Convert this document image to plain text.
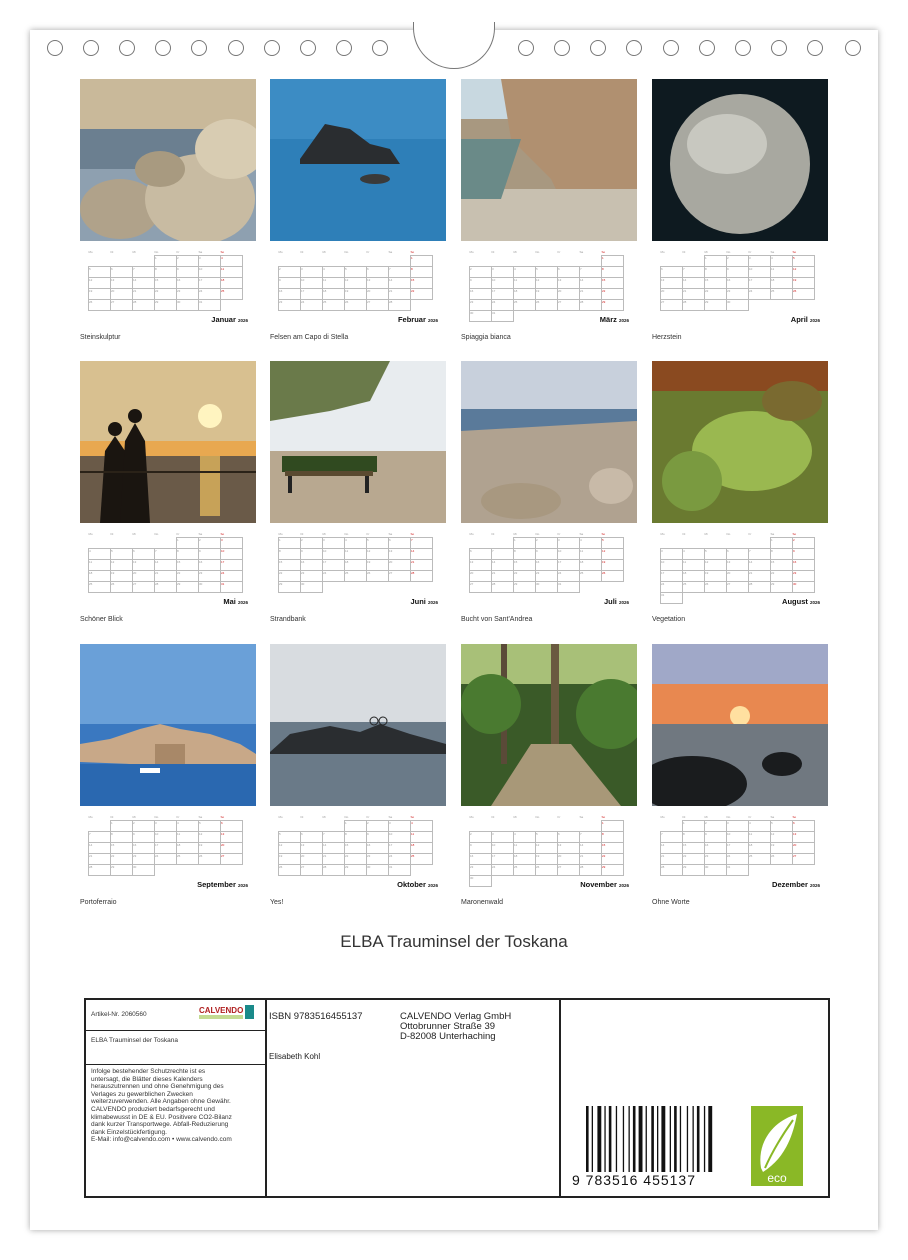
Mo	Di	Mi	Do	Fr	Sa	So
			1	2	3	4
5	6	7	8	9	10	11
12	13	14	15	16	17	18
19	20	21	22	23	24	25
26	27	28	29	30	31	
Januar 2026
Steinskulptur
Mo	Di	Mi	Do	Fr	Sa	So
						1
2	3	4	5	6	7	8
9	10	11	12	13	14	15
16	17	18	19	20	21	22
23	24	25	26	27	28	
Februar 2026
Felsen am Capo di Stella
Mo	Di	Mi	Do	Fr	Sa	So
						1
2	3	4	5	6	7	8
9	10	11	12	13	14	15
16	17	18	19	20	21	22
23	24	25	26	27	28	29
30	31					
März 2026
Spiaggia bianca
Mo	Di	Mi	Do	Fr	Sa	So
		1	2	3	4	5
6	7	8	9	10	11	12
13	14	15	16	17	18	19
20	21	22	23	24	25	26
27	28	29	30			
April 2026
Herzstein
Mo	Di	Mi	Do	Fr	Sa	So
				1	2	3
4	5	6	7	8	9	10
11	12	13	14	15	16	17
18	19	20	21	22	23	24
25	26	27	28	29	30	31
Mai 2026
Schöner Blick
Mo	Di	Mi	Do	Fr	Sa	So
1	2	3	4	5	6	7
8	9	10	11	12	13	14
15	16	17	18	19	20	21
22	23	24	25	26	27	28
29	30					
Juni 2026
Strandbank
Mo	Di	Mi	Do	Fr	Sa	So
		1	2	3	4	5
6	7	8	9	10	11	12
13	14	15	16	17	18	19
20	21	22	23	24	25	26
27	28	29	30	31		
Juli 2026
Bucht von Sant'Andrea
Mo	Di	Mi	Do	Fr	Sa	So
					1	2
3	4	5	6	7	8	9
10	11	12	13	14	15	16
17	18	19	20	21	22	23
24	25	26	27	28	29	30
31						
August 2026
Vegetation
Mo	Di	Mi	Do	Fr	Sa	So
	1	2	3	4	5	6
7	8	9	10	11	12	13
14	15	16	17	18	19	20
21	22	23	24	25	26	27
28	29	30				
September 2026
Portoferraio
Mo	Di	Mi	Do	Fr	Sa	So
			1	2	3	4
5	6	7	8	9	10	11
12	13	14	15	16	17	18
19	20	21	22	23	24	25
26	27	28	29	30	31	
Oktober 2026
Yes!
Mo	Di	Mi	Do	Fr	Sa	So
						1
2	3	4	5	6	7	8
9	10	11	12	13	14	15
16	17	18	19	20	21	22
23	24	25	26	27	28	29
30						
November 2026
Maronenwald
Mo	Di	Mi	Do	Fr	Sa	So
	1	2	3	4	5	6
7	8	9	10	11	12	13
14	15	16	17	18	19	20
21	22	23	24	25	26	27
28	29	30	31			
Dezember 2026
Ohne Worte
ELBA Trauminsel der Toskana
Artikel-Nr. 2060560	CALVENDO
ELBA Trauminsel der Toskana
Infolge bestehender Schutzrechte ist es
untersagt, die Blätter dieses Kalenders
herauszutrennen und ohne Genehmigung des
Verlages zu gewerblichen Zwecken
weiterzuverwenden. Alle Angaben ohne Gewähr.
CALVENDO produziert bedarfsgerecht und
klimabewusst in DE & EU. Positivere CO2-Bilanz
dank kurzer Transportwege. Abfall-Reduzierung
dank Einzelstückfertigung.
E-Mail: info@calvendo.com • www.calvendo.com
ISBN 9783516455137
Elisabeth Kohl
CALVENDO Verlag GmbH
Ottobrunner Straße 39
D-82008 Unterhaching
9 783516 455137	eco
